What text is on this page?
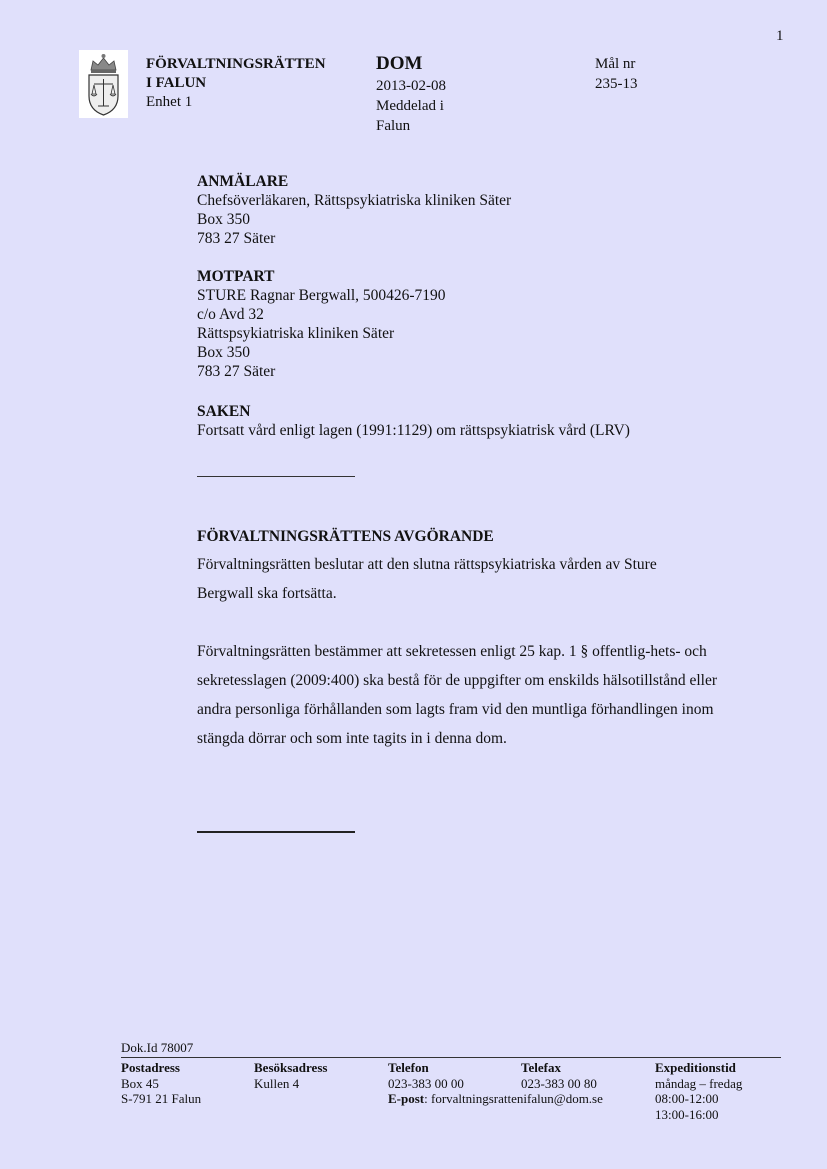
1
FÖRVALTNINGSRÄTTEN
I FALUN
Enhet 1
DOM
2013-02-08
Meddelad i
Falun
Mål nr
235-13
ANMÄLARE
Chefsöverläkaren, Rättspsykiatriska kliniken Säter
Box 350
783 27 Säter
MOTPART
STURE Ragnar Bergwall, 500426-7190
c/o Avd 32
Rättspsykiatriska kliniken Säter
Box 350
783 27 Säter
SAKEN
Fortsatt vård enligt lagen (1991:1129) om rättspsykiatrisk vård (LRV)
FÖRVALTNINGSRÄTTENS AVGÖRANDE

Förvaltningsrätten beslutar att den slutna rättspsykiatriska vården av Sture Bergwall ska fortsätta.

Förvaltningsrätten bestämmer att sekretessen enligt 25 kap. 1 § offentlig-hets- och sekretesslagen (2009:400) ska bestå för de uppgifter om enskilds hälsotillstånd eller andra personliga förhållanden som lagts fram vid den muntliga förhandlingen inom stängda dörrar och som inte tagits in i denna dom.

Dok.Id 78007
Postadress
Box 45
S-791 21 Falun
Besöksadress
Kullen 4
Telefon
023-383 00 00
Telefax
023-383 00 80
Expeditionstid
måndag – fredag
08:00-12:00
13:00-16:00
E-post: forvaltningsrattenifalun@dom.se
